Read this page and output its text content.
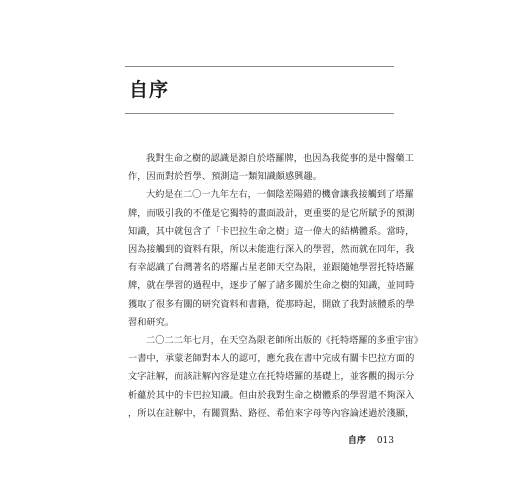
自序

我對生命之樹的認識是源自於塔羅牌，也因為我從事的是中醫藥工
作，因而對於哲學、預測這一類知識頗感興趣。

大約是在二〇一九年左右，一個陰差陽錯的機會讓我接觸到了塔羅
牌，而吸引我的不僅是它獨特的畫面設計，更重要的是它所賦予的預測
知識，其中就包含了「卡巴拉生命之樹」這一偉大的結構體系。當時，
因為接觸到的資料有限，所以未能進行深入的學習，然而就在同年，我
有幸認識了台灣著名的塔羅占星老師天空為限，並跟隨她學習托特塔羅
牌，就在學習的過程中，逐步了解了諸多關於生命之樹的知識，並同時
獲取了很多有關的研究資料和書籍，從那時起，開啟了我對該體系的學
習和研究。

二〇二二年七月，在天空為限老師所出版的《托特塔羅的多重宇宙》
一書中，承蒙老師對本人的認可，應允我在書中完成有關卡巴拉方面的
文字註解，而該註解內容是建立在托特塔羅的基礎上，並客觀的揭示分
析蘊於其中的卡巴拉知識。但由於我對生命之樹體系的學習還不夠深入
，所以在註解中，有關質點、路徑、希伯來字母等內容論述過於淺顯，

自序 013
